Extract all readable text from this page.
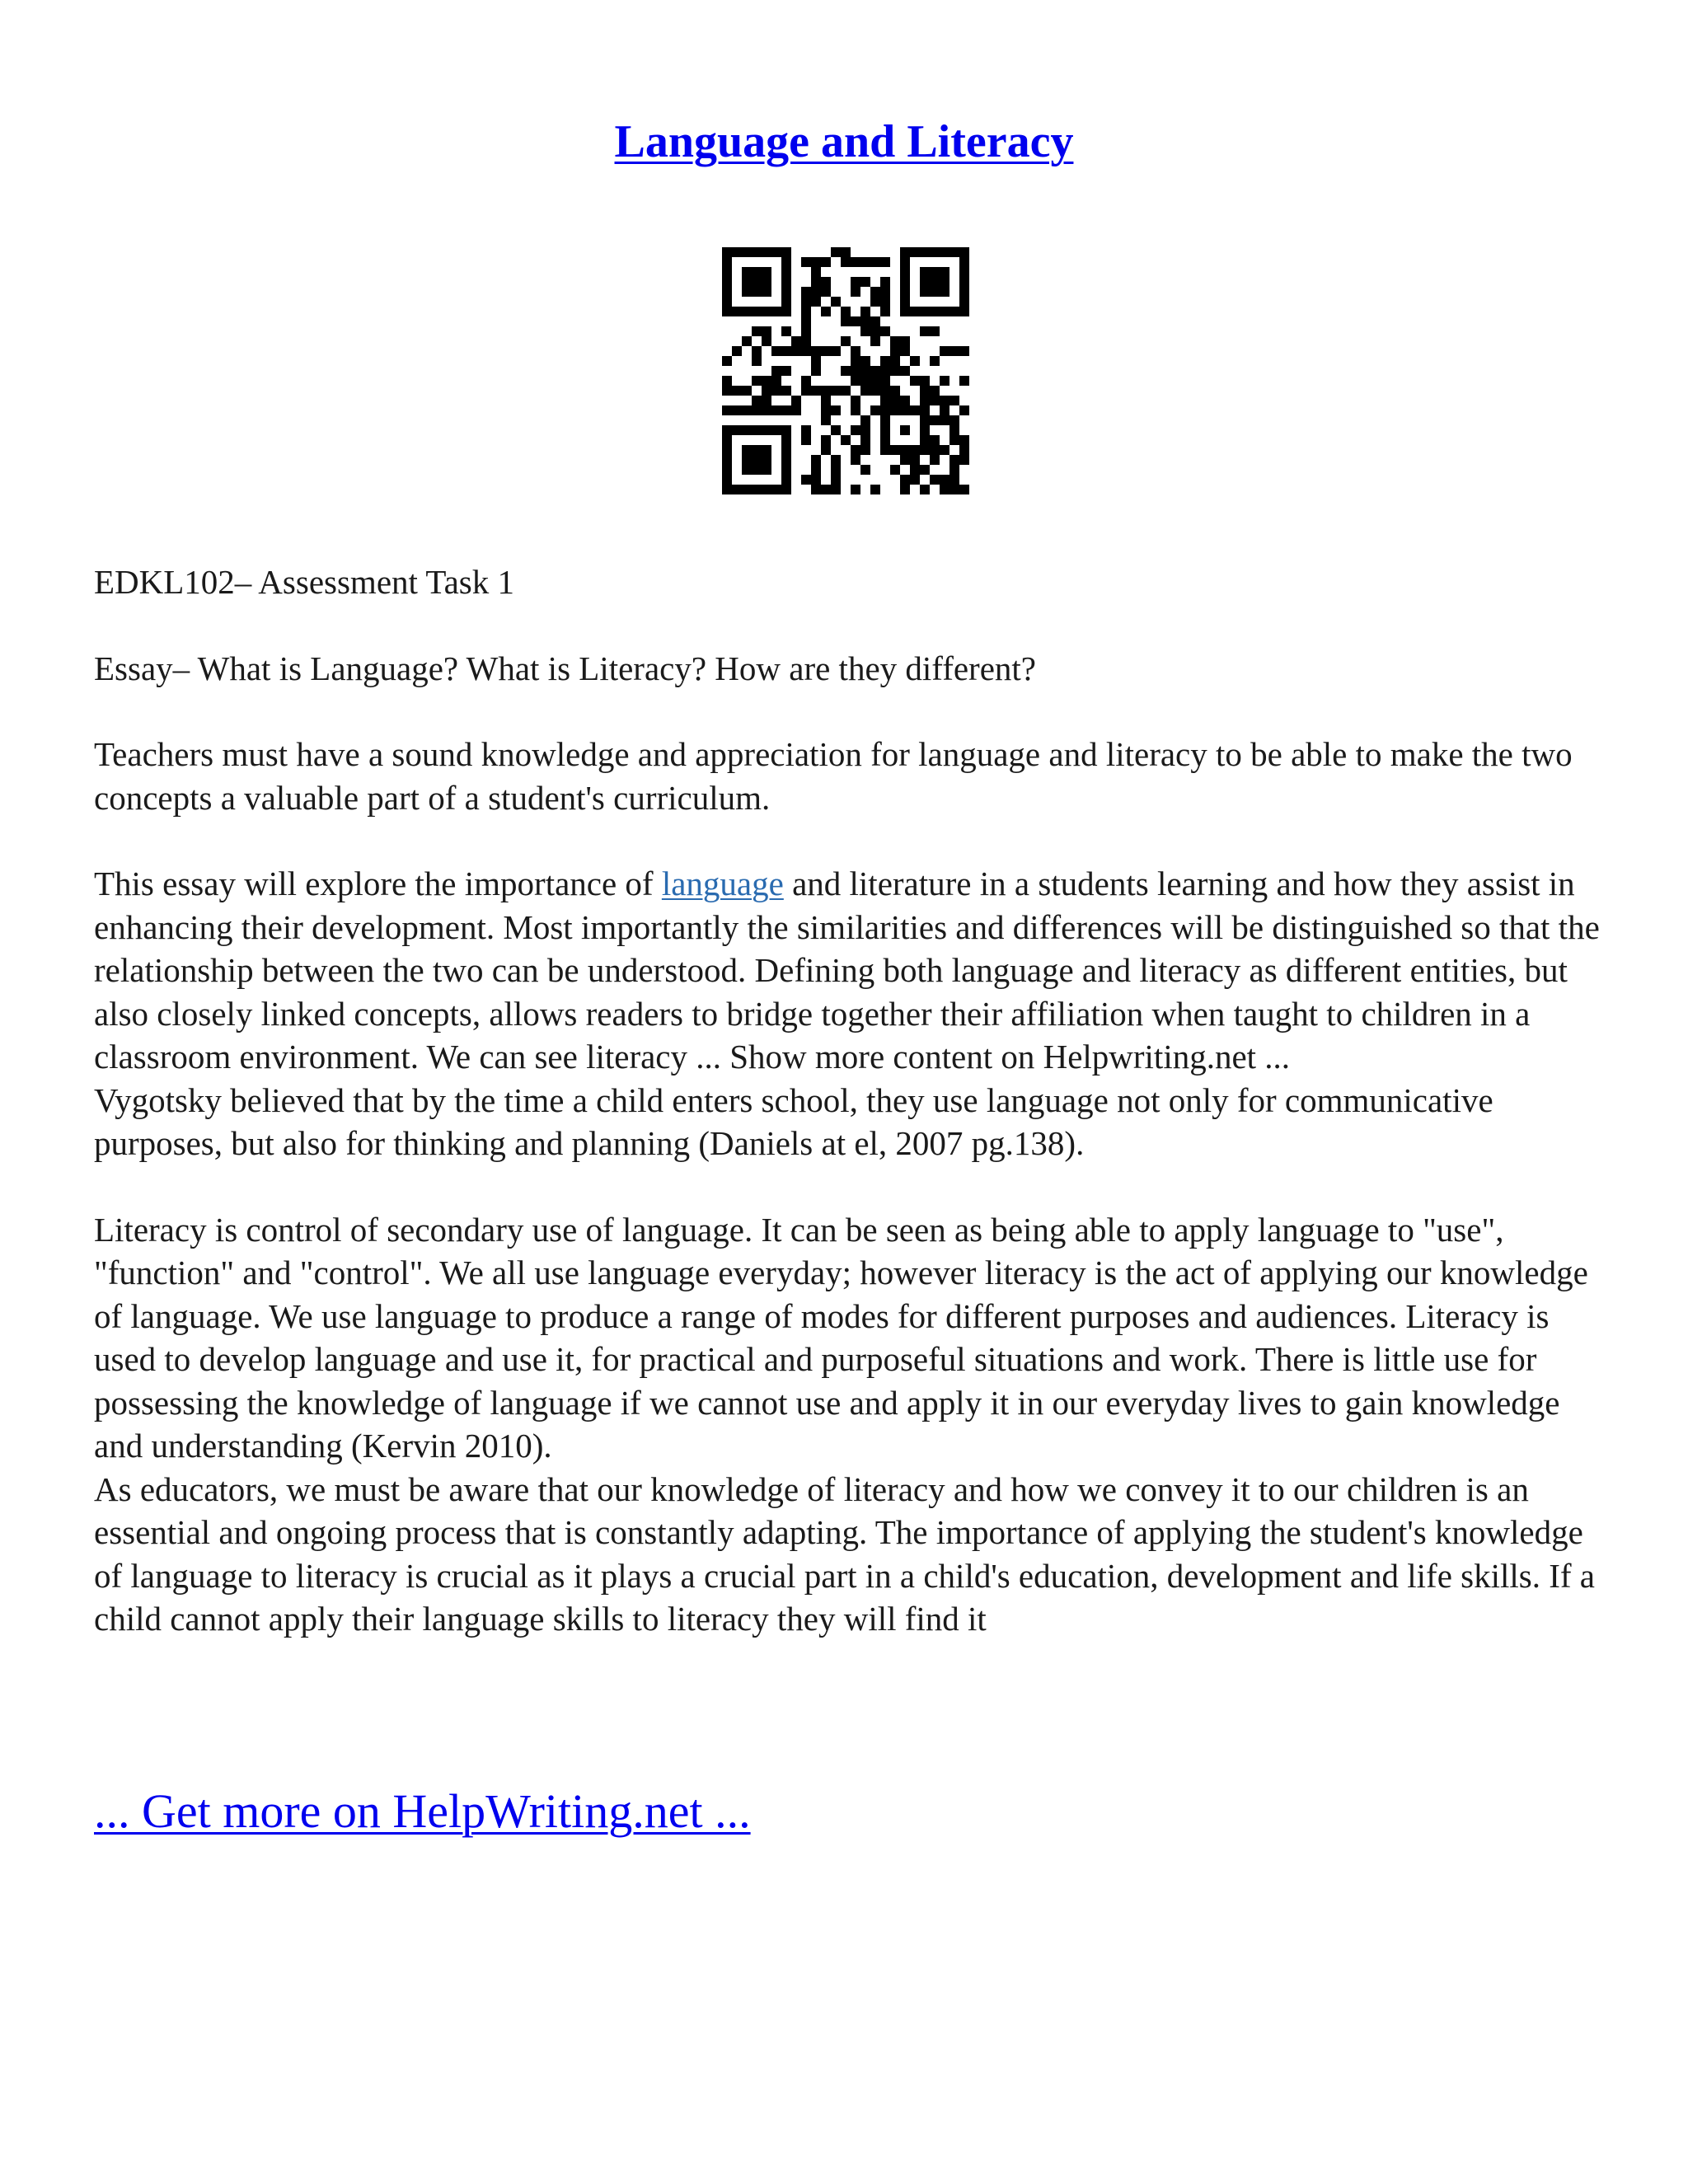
Language and Literacy

EDKL102– Assessment Task 1

Essay– What is Language? What is Literacy? How are they different?

Teachers must have a sound knowledge and appreciation for language and literacy to be able to make the two concepts a valuable part of a student's curriculum.

This essay will explore the importance of language and literature in a students learning and how they assist in enhancing their development. Most importantly the similarities and differences will be distinguished so that the relationship between the two can be understood. Defining both language and literacy as different entities, but also closely linked concepts, allows readers to bridge together their affiliation when taught to children in a classroom environment. We can see literacy ... Show more content on Helpwriting.net ...

Vygotsky believed that by the time a child enters school, they use language not only for communicative purposes, but also for thinking and planning (Daniels at el, 2007 pg.138).

Literacy is control of secondary use of language. It can be seen as being able to apply language to "use", "function" and "control". We all use language everyday; however literacy is the act of applying our knowledge of language. We use language to produce a range of modes for different purposes and audiences. Literacy is used to develop language and use it, for practical and purposeful situations and work. There is little use for possessing the knowledge of language if we cannot use and apply it in our everyday lives to gain knowledge and understanding (Kervin 2010).

As educators, we must be aware that our knowledge of literacy and how we convey it to our children is an essential and ongoing process that is constantly adapting. The importance of applying the student's knowledge of language to literacy is crucial as it plays a crucial part in a child's education, development and life skills. If a child cannot apply their language skills to literacy they will find it

... Get more on HelpWriting.net ...
